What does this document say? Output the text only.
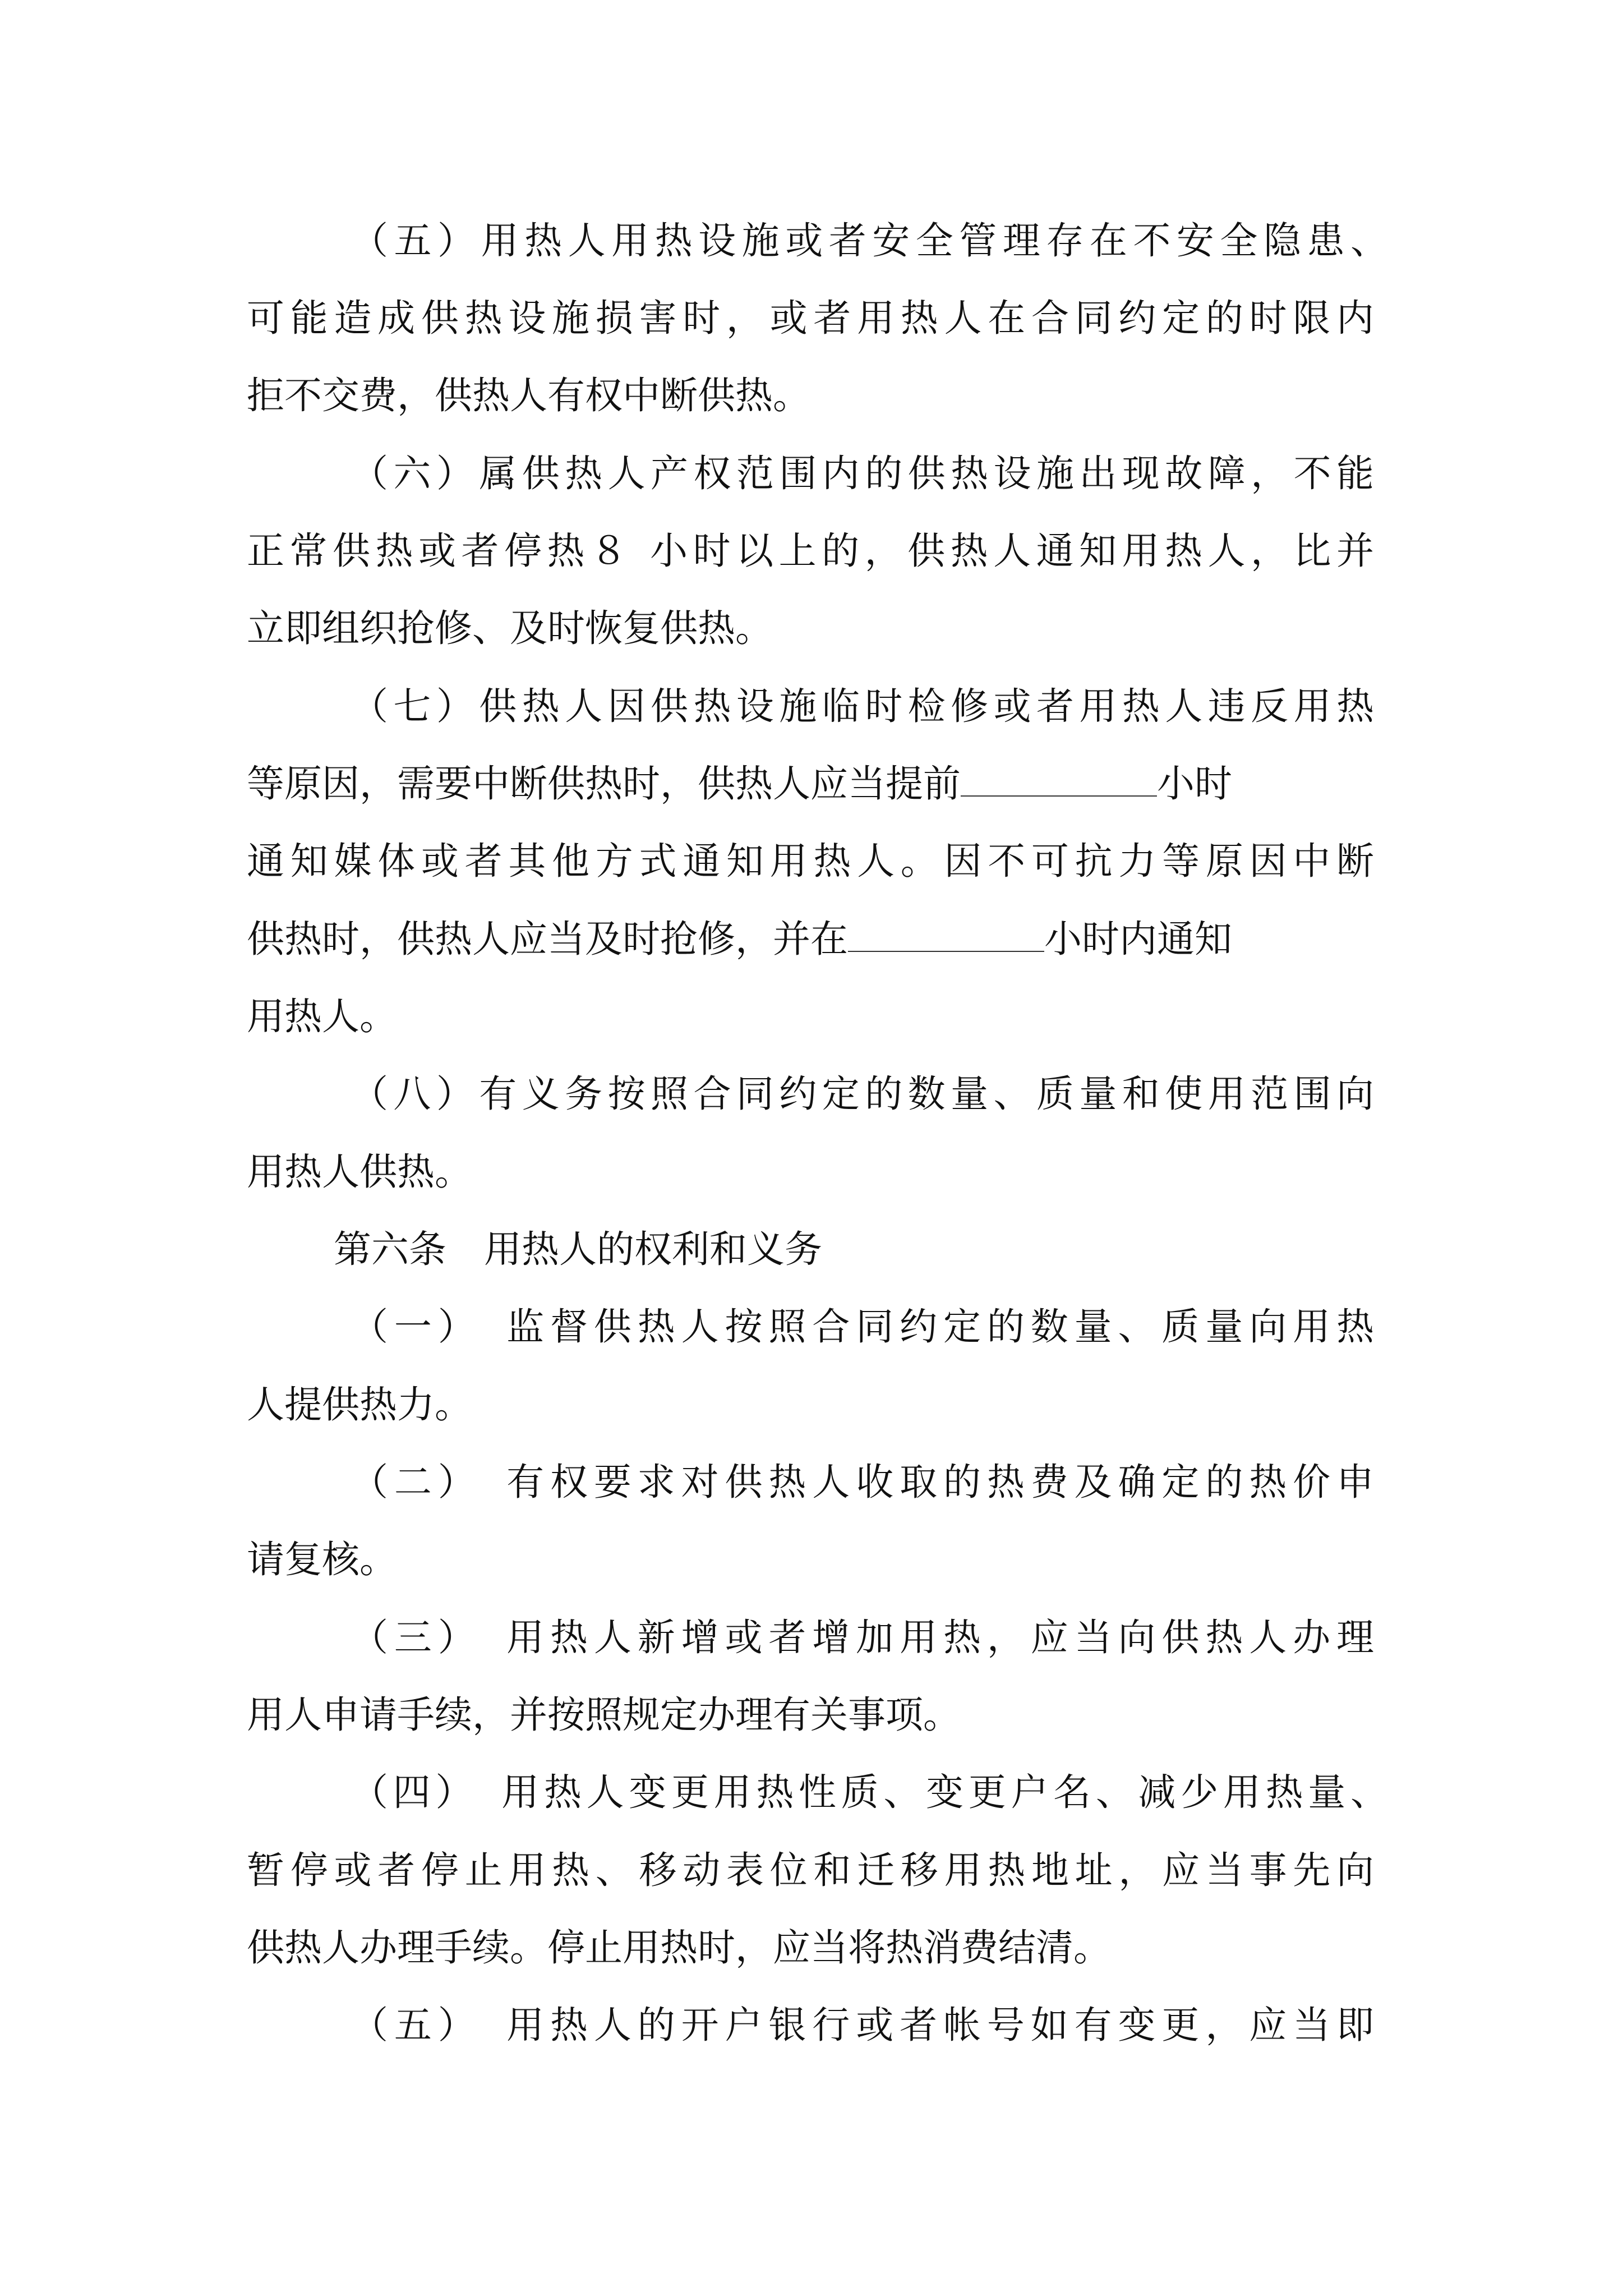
（五）用热人用热设施或者安全管理存在不安全隐患、
可能造成供热设施损害时，或者用热人在合同约定的时限内
拒不交费，供热人有权中断供热。
（六）属供热人产权范围内的供热设施出现故障，不能
正常供热或者停热８ 小时以上的，供热人通知用热人，比并
立即组织抢修、及时恢复供热。
（七）供热人因供热设施临时检修或者用热人违反用热
等原因，需要中断供热时，供热人应当提前	小时
通知媒体或者其他方式通知用热人。因不可抗力等原因中断
供热时，供热人应当及时抢修，并在	小时内通知
用热人。
（八）有义务按照合同约定的数量、质量和使用范围向
用热人供热。
第六条　用热人的权利和义务
（一）　监督供热人按照合同约定的数量、质量向用热
人提供热力。
（二）　有权要求对供热人收取的热费及确定的热价申
请复核。
（三）　用热人新增或者增加用热，应当向供热人办理
用人申请手续，并按照规定办理有关事项。
（四）　用热人变更用热性质、变更户名、减少用热量、
暂停或者停止用热、移动表位和迁移用热地址，应当事先向
供热人办理手续。停止用热时，应当将热消费结清。
（五）　用热人的开户银行或者帐号如有变更，应当即
